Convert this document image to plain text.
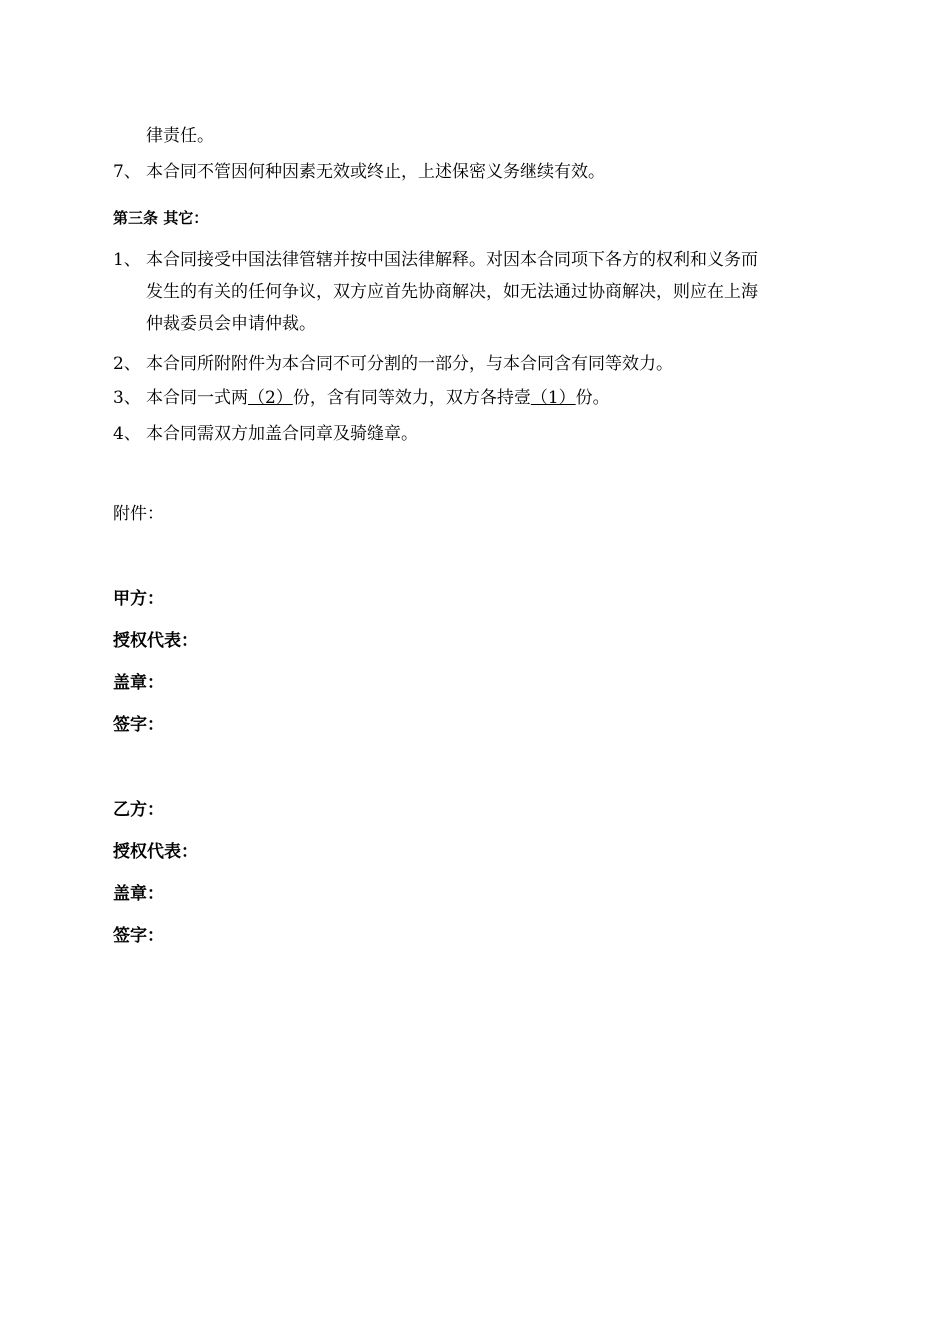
律责任。
7、 本合同不管因何种因素无效或终止，上述保密义务继续有效。
第三条 其它：
1、 本合同接受中国法律管辖并按中国法律解释。对因本合同项下各方的权利和义务而
发生的有关的任何争议，双方应首先协商解决，如无法通过协商解决，则应在上海
仲裁委员会申请仲裁。
2、 本合同所附附件为本合同不可分割的一部分，与本合同含有同等效力。
3、 本合同一式两（2）份，含有同等效力，双方各持壹（1）份。
4、 本合同需双方加盖合同章及骑缝章。
附件：
甲方：
授权代表：
盖章：
签字：
乙方：
授权代表：
盖章：
签字：
